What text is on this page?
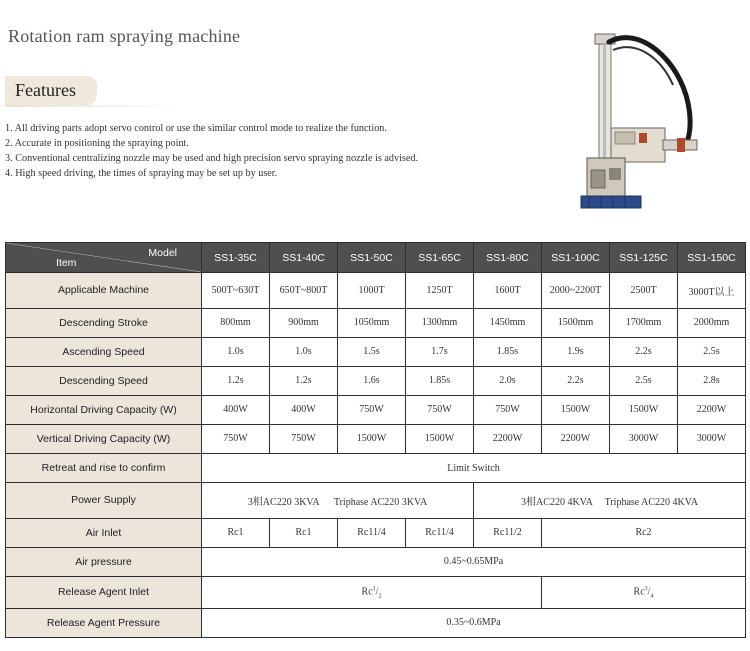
Rotation ram spraying machine
Features
1. All driving parts adopt servo control or use the similar control mode to realize the function.
2. Accurate in positioning the spraying point.
3. Conventional centralizing nozzle may be used and high precision servo spraying nozzle is advised.
4. High speed driving, the times of spraying may be set up by user.
Model
Item	SS1-35C	SS1-40C	SS1-50C	SS1-65C	SS1-80C	SS1-100C	SS1-125C	SS1-150C
Applicable Machine	500T~630T	650T~800T	1000T	1250T	1600T	2000~2200T	2500T	3000T以上
Descending Stroke	800mm	900mm	1050mm	1300mm	1450mm	1500mm	1700mm	2000mm
Ascending Speed	1.0s	1.0s	1.5s	1.7s	1.85s	1.9s	2.2s	2.5s
Descending Speed	1.2s	1.2s	1.6s	1.85s	2.0s	2.2s	2.5s	2.8s
Horizontal Driving Capacity (W)	400W	400W	750W	750W	750W	1500W	1500W	2200W
Vertical Driving Capacity (W)	750W	750W	1500W	1500W	2200W	2200W	3000W	3000W
Retreat and rise to confirm	Limit Switch							
Power Supply	3相AC220 3KVA      Triphase AC220 3KVA				3相AC220 4KVA     Triphase AC220 4KVA			
Air Inlet	Rc1	Rc1	Rc11/4	Rc11/4	Rc11/2	Rc2		
Air pressure	0.45~0.65MPa							
Release Agent Inlet	$Rc^1/_2$					$Rc^3/_4$
Release Agent Pressure	0.35~0.6MPa							
